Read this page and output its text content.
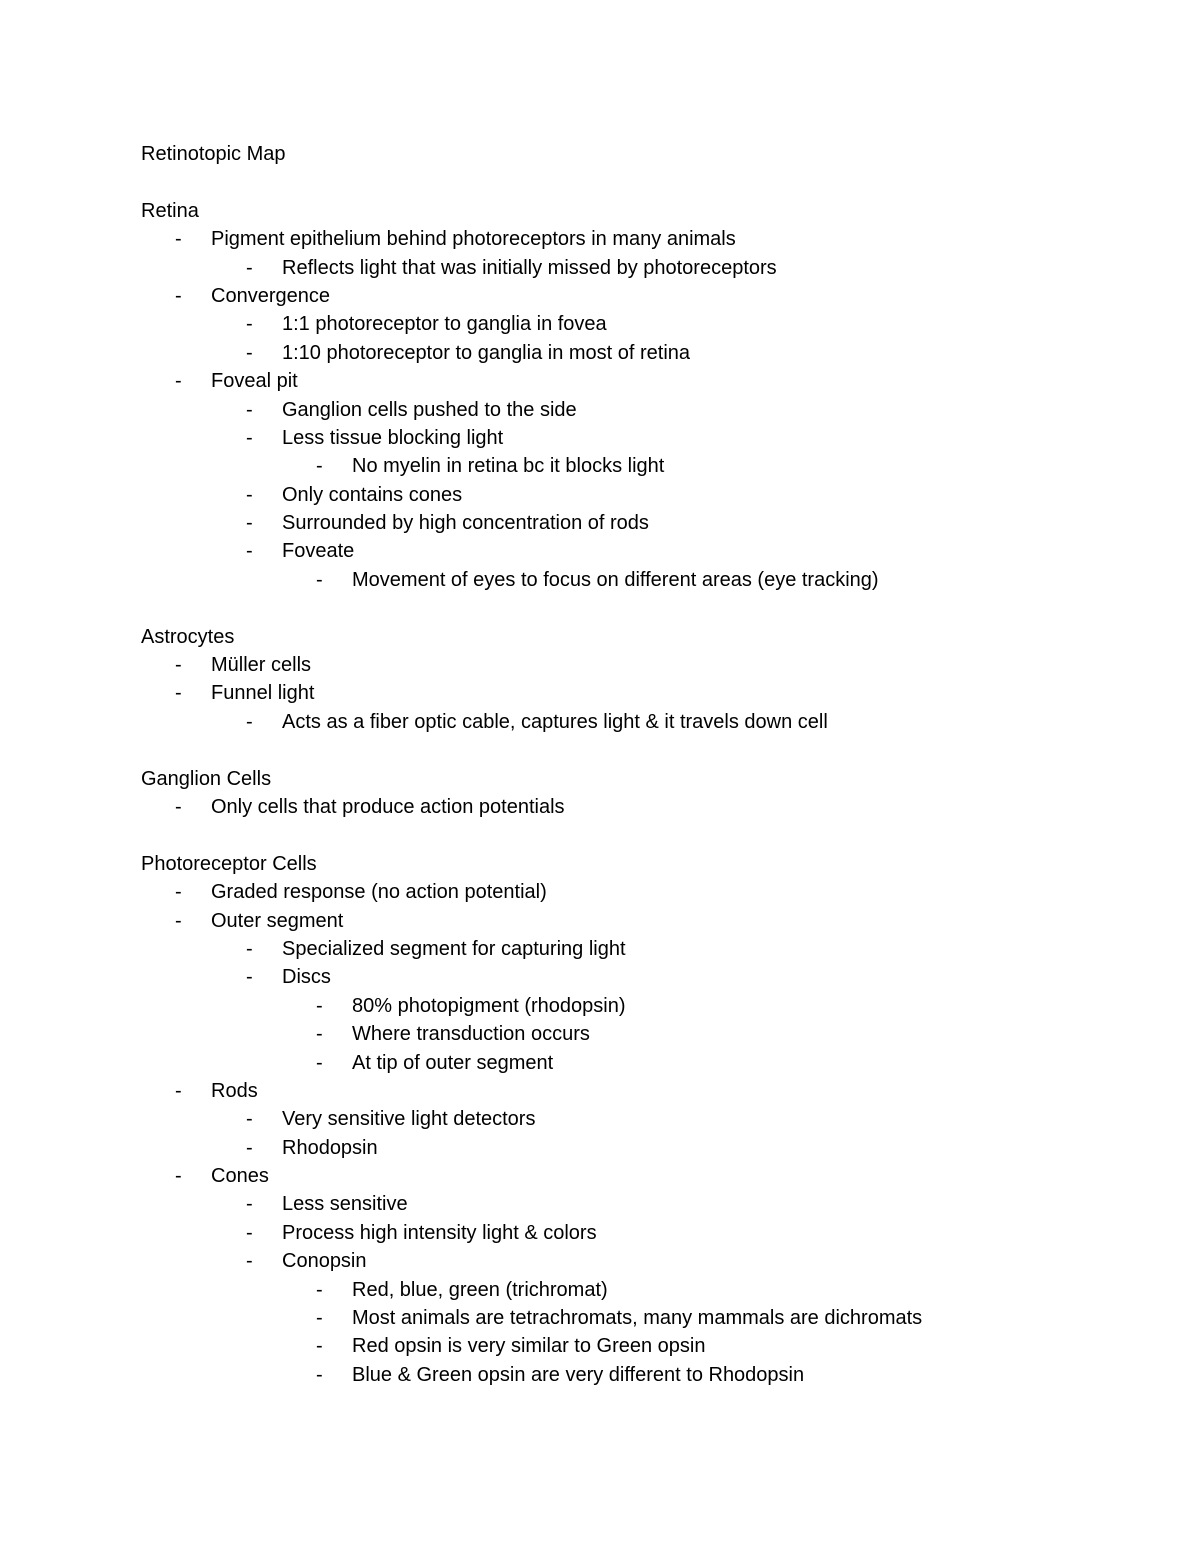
Retinotopic Map
Retina
- Pigment epithelium behind photoreceptors in many animals
- Reflects light that was initially missed by photoreceptors
- Convergence
- 1:1 photoreceptor to ganglia in fovea
- 1:10 photoreceptor to ganglia in most of retina
- Foveal pit
- Ganglion cells pushed to the side
- Less tissue blocking light
- No myelin in retina bc it blocks light
- Only contains cones
- Surrounded by high concentration of rods
- Foveate
- Movement of eyes to focus on different areas (eye tracking)
Astrocytes
- Müller cells
- Funnel light
- Acts as a fiber optic cable, captures light & it travels down cell
Ganglion Cells
- Only cells that produce action potentials
Photoreceptor Cells
- Graded response (no action potential)
- Outer segment
- Specialized segment for capturing light
- Discs
- 80% photopigment (rhodopsin)
- Where transduction occurs
- At tip of outer segment
- Rods
- Very sensitive light detectors
- Rhodopsin
- Cones
- Less sensitive
- Process high intensity light & colors
- Conopsin
- Red, blue, green (trichromat)
- Most animals are tetrachromats, many mammals are dichromats
- Red opsin is very similar to Green opsin
- Blue & Green opsin are very different to Rhodopsin
